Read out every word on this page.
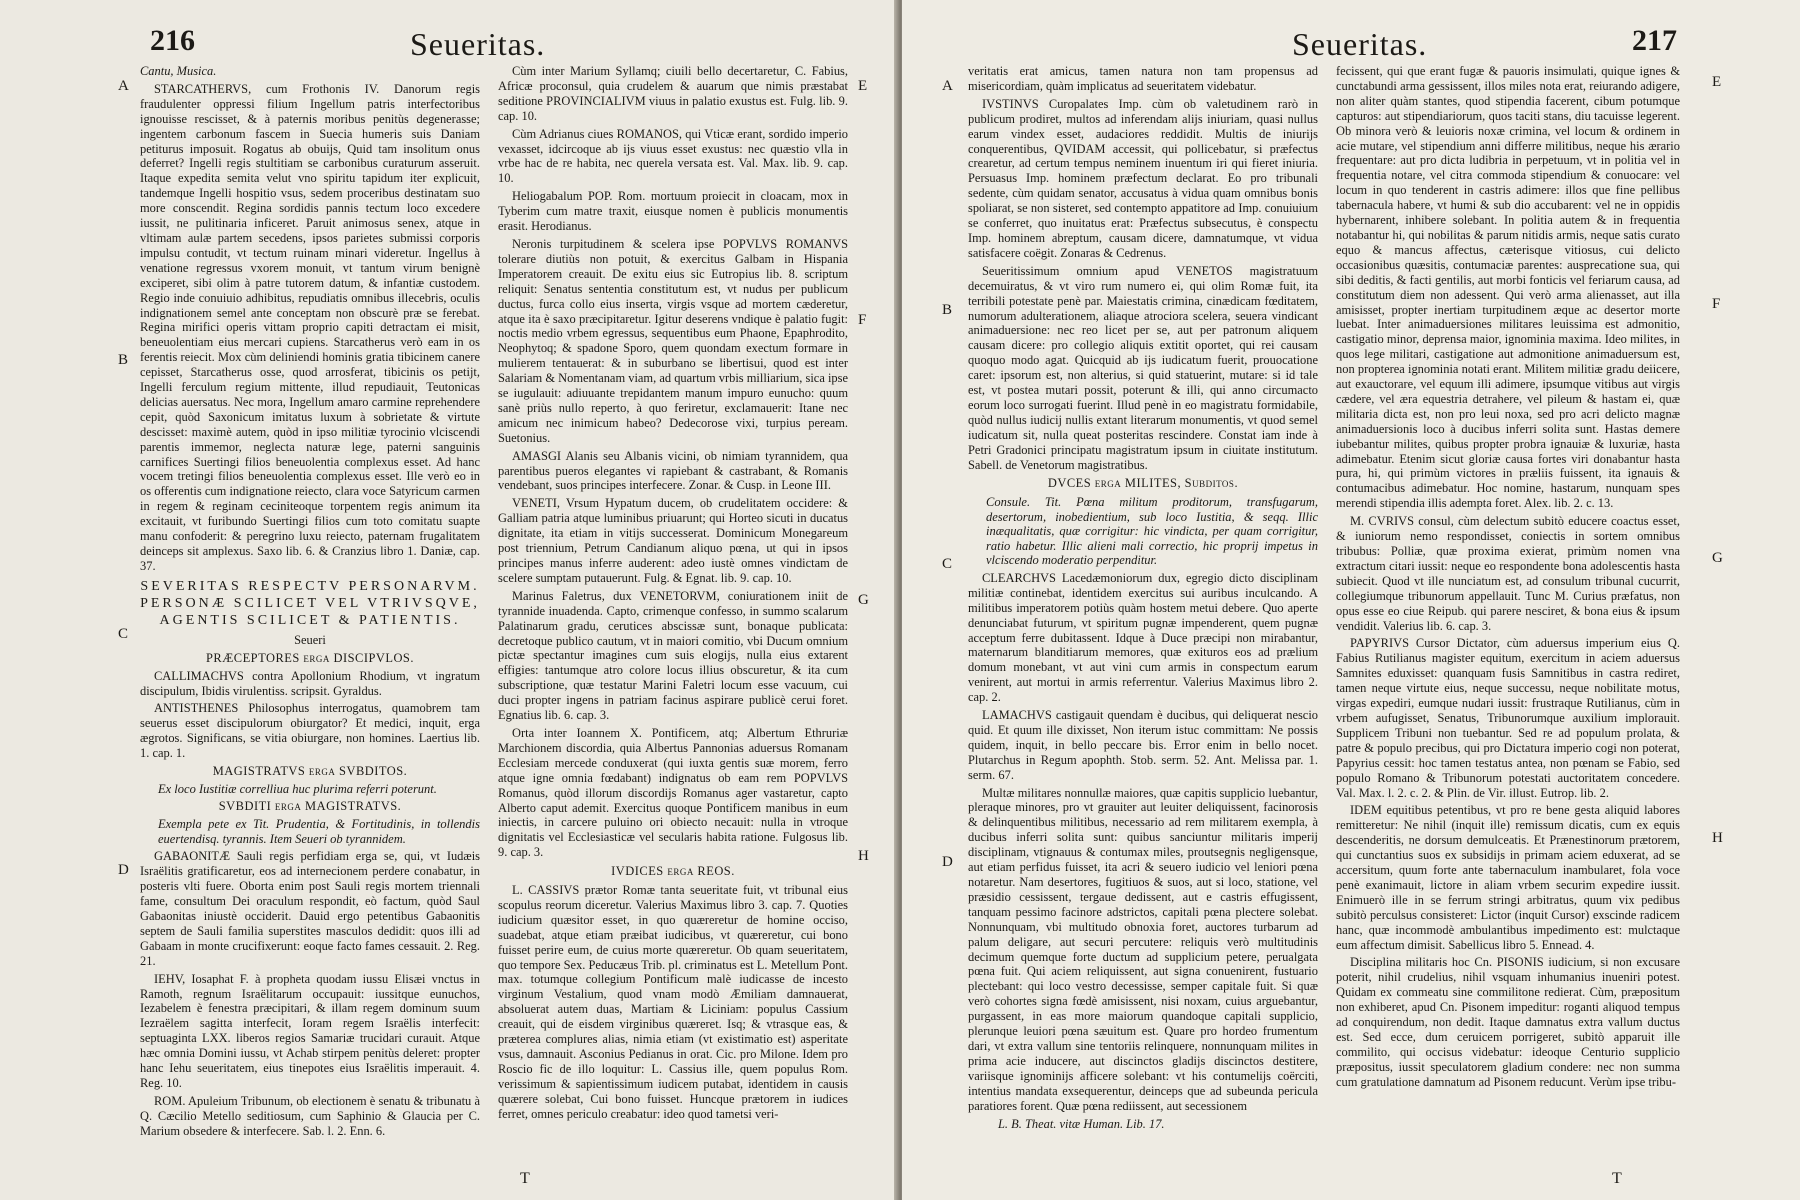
216	Seueritas.
A
B
C
D
E
F
G
H

Cantu, Musica.

STARCATHERVS, cum Frothonis IV. Danorum regis fraudulenter oppressi filium Ingellum patris interfectoribus ignouisse rescisset, & à paternis moribus penitùs degenerasse; ingentem carbonum fascem in Suecia humeris suis Daniam petiturus imposuit. Rogatus ab obuijs, Quid tam insolitum onus deferret? Ingelli regis stultitiam se carbonibus curaturum asseruit. Itaque expedita semita velut vno spiritu tapidum iter explicuit, tandemque Ingelli hospitio vsus, sedem proceribus destinatam suo more conscendit. Regina sordidis pannis tectum loco excedere iussit, ne pulitinaria inficeret. Paruit animosus senex, atque in vltimam aulæ partem secedens, ipsos parietes submissi corporis impulsu contudit, vt tectum ruinam minari videretur. Ingellus à venatione regressus vxorem monuit, vt tantum virum benignè exciperet, sibi olim à patre tutorem datum, & infantiæ custodem. Regio inde conuiuio adhibitus, repudiatis omnibus illecebris, oculis indignationem semel ante conceptam non obscurè præ se ferebat. Regina mirifici operis vittam proprio capiti detractam ei misit, beneuolentiam eius mercari cupiens. Starcatherus verò eam in os ferentis reiecit. Mox cùm deliniendi hominis gratia tibicinem canere cepisset, Starcatherus osse, quod arrosferat, tibicinis os petijt, Ingelli ferculum regium mittente, illud repudiauit, Teutonicas delicias auersatus. Nec mora, Ingellum amaro carmine reprehendere cepit, quòd Saxonicum imitatus luxum à sobrietate & virtute descisset: maximè autem, quòd in ipso militiæ tyrocinio vlciscendi parentis immemor, neglecta naturæ lege, paterni sanguinis carnifices Suertingi filios beneuolentia complexus esset. Ad hanc vocem tretingi filios beneuolentia complexus esset. Ille verò eo in os offerentis cum indignatione reiecto, clara voce Satyricum carmen in regem & reginam ceciniteoque torpentem regis animum ita excitauit, vt furibundo Suertingi filios cum toto comitatu suapte manu confoderit: & peregrino luxu reiecto, paternam frugalitatem deinceps sit amplexus. Saxo lib. 6. & Cranzius libro 1. Daniæ, cap. 37.

SEVERITAS RESPECTV PERSONARVM. PERSONÆ SCILICET VEL VTRIVSQVE, AGENTIS SCILICET & PATIENTIS.

Seueri

PRÆCEPTORES erga DISCIPVLOS.

CALLIMACHVS contra Apollonium Rhodium, vt ingratum discipulum, Ibidis virulentiss. scripsit. Gyraldus.

ANTISTHENES Philosophus interrogatus, quamobrem tam seuerus esset discipulorum obiurgator? Et medici, inquit, erga ægrotos. Significans, se vitia obiurgare, non homines. Laertius lib. 1. cap. 1.

MAGISTRATVS erga SVBDITOS.

Ex loco Iustitiæ correlliua huc plurima referri poterunt.

SVBDITI erga MAGISTRATVS.

Exempla pete ex Tit. Prudentia, & Fortitudinis, in tollendis euertendisq. tyrannis. Item Seueri ob tyrannidem.

GABAONITÆ Sauli regis perfidiam erga se, qui, vt Iudæis Israëlitis gratificaretur, eos ad internecionem perdere conabatur, in posteris vlti fuere. Oborta enim post Sauli regis mortem triennali fame, consultum Dei oraculum respondit, eò factum, quòd Saul Gabaonitas iniustè occiderit. Dauid ergo petentibus Gabaonitis septem de Sauli familia superstites masculos dedidit: quos illi ad Gabaam in monte crucifixerunt: eoque facto fames cessauit. 2. Reg. 21.

IEHV, Iosaphat F. à propheta quodam iussu Elisæi vnctus in Ramoth, regnum Israëlitarum occupauit: iussitque eunuchos, Iezabelem è fenestra præcipitari, & illam regem dominum suum Iezraëlem sagitta interfecit, Ioram regem Israëlis interfecit: septuaginta LXX. liberos regios Samariæ trucidari curauit. Atque hæc omnia Domini iussu, vt Achab stirpem penitùs deleret: propter hanc Iehu seueritatem, eius tinepotes eius Israëlitis imperauit. 4. Reg. 10.

ROM. Apuleium Tribunum, ob electionem è senatu & tribunatu à Q. Cæcilio Metello seditiosum, cum Saphinio & Glaucia per C. Marium obsedere & interfecere. Sab. l. 2. Enn. 6.

Cùm inter Marium Syllamq; ciuili bello decertaretur, C. Fabius, Africæ proconsul, quia crudelem & auarum que nimis præstabat seditione PROVINCIALIVM viuus in palatio exustus est. Fulg. lib. 9. cap. 10.

Cùm Adrianus ciues ROMANOS, qui Vticæ erant, sordido imperio vexasset, idcircoque ab ijs viuus esset exustus: nec quæstio vlla in vrbe hac de re habita, nec querela versata est. Val. Max. lib. 9. cap. 10.

Heliogabalum POP. Rom. mortuum proiecit in cloacam, mox in Tyberim cum matre traxit, eiusque nomen è publicis monumentis erasit. Herodianus.

Neronis turpitudinem & scelera ipse POPVLVS ROMANVS tolerare diutiùs non potuit, & exercitus Galbam in Hispania Imperatorem creauit. De exitu eius sic Eutropius lib. 8. scriptum reliquit: Senatus sententia constitutum est, vt nudus per publicum ductus, furca collo eius inserta, virgis vsque ad mortem cæderetur, atque ita è saxo præcipitaretur. Igitur deserens vndique è palatio fugit: noctis medio vrbem egressus, sequentibus eum Phaone, Epaphrodito, Neophytoq; & spadone Sporo, quem quondam exectum formare in mulierem tentauerat: & in suburbano se libertisui, quod est inter Salariam & Nomentanam viam, ad quartum vrbis milliarium, sica ipse se iugulauit: adiuuante trepidantem manum impuro eunucho: quum sanè priùs nullo reperto, à quo feriretur, exclamauerit: Itane nec amicum nec inimicum habeo? Dedecorose vixi, turpius peream. Suetonius.

AMASGI Alanis seu Albanis vicini, ob nimiam tyrannidem, qua parentibus pueros elegantes vi rapiebant & castrabant, & Romanis vendebant, suos principes interfecere. Zonar. & Cusp. in Leone III.

VENETI, Vrsum Hypatum ducem, ob crudelitatem occidere: & Galliam patria atque luminibus priuarunt; qui Horteo sicuti in ducatus dignitate, ita etiam in vitijs successerat. Dominicum Monegareum post triennium, Petrum Candianum aliquo pœna, ut qui in ipsos principes manus inferre auderent: adeo iustè omnes vindictam de scelere sumptam putauerunt. Fulg. & Egnat. lib. 9. cap. 10.

Marinus Faletrus, dux VENETORVM, coniurationem iniit de tyrannide inuadenda. Capto, crimenque confesso, in summo scalarum Palatinarum gradu, cerutices abscissæ sunt, bonaque publicata: decretoque publico cautum, vt in maiori comitio, vbi Ducum omnium pictæ spectantur imagines cum suis elogijs, nulla eius extarent effigies: tantumque atro colore locus illius obscuretur, & ita cum subscriptione, quæ testatur Marini Faletri locum esse vacuum, cui duci propter ingens in patriam facinus aspirare publicè cerui foret. Egnatius lib. 6. cap. 3.

Orta inter Ioannem X. Pontificem, atq; Albertum Ethruriæ Marchionem discordia, quia Albertus Pannonias aduersus Romanam Ecclesiam mercede conduxerat (qui iuxta gentis suæ morem, ferro atque igne omnia fœdabant) indignatus ob eam rem POPVLVS Romanus, quòd illorum discordijs Romanus ager vastaretur, capto Alberto caput ademit. Exercitus quoque Pontificem manibus in eum iniectis, in carcere puluino ori obiecto necauit: nulla in vtroque dignitatis vel Ecclesiasticæ vel secularis habita ratione. Fulgosus lib. 9. cap. 3.

IVDICES erga REOS.

L. CASSIVS prætor Romæ tanta seueritate fuit, vt tribunal eius scopulus reorum diceretur. Valerius Maximus libro 3. cap. 7. Quoties iudicium quæsitor esset, in quo quæreretur de homine occiso, suadebat, atque etiam præibat iudicibus, vt quæreretur, cui bono fuisset perire eum, de cuius morte quæreretur. Ob quam seueritatem, quo tempore Sex. Peducæus Trib. pl. criminatus est L. Metellum Pont. max. totumque collegium Pontificum malè iudicasse de incesto virginum Vestalium, quod vnam modò Æmiliam damnauerat, absoluerat autem duas, Martiam & Liciniam: populus Cassium creauit, qui de eisdem virginibus quæreret. Isq; & vtrasque eas, & præterea complures alias, nimia etiam (vt existimatio est) asperitate vsus, damnauit. Asconius Pedianus in orat. Cic. pro Milone. Idem pro Roscio fic de illo loquitur: L. Cassius ille, quem populus Rom. verissimum & sapientissimum iudicem putabat, identidem in causis quærere solebat, Cui bono fuisset. Huncque prætorem in iudices ferret, omnes periculo creabatur: ideo quod tametsi veri-

T
Seueritas.	217
A
B
C
D
E
F
G
H

veritatis erat amicus, tamen natura non tam propensus ad misericordiam, quàm implicatus ad seueritatem videbatur.

IVSTINVS Curopalates Imp. cùm ob valetudinem rarò in publicum prodiret, multos ad inferendam alijs iniuriam, quasi nullus earum vindex esset, audaciores reddidit. Multis de iniurijs conquerentibus, QVIDAM accessit, qui pollicebatur, si præfectus crearetur, ad certum tempus neminem inuentum iri qui fieret iniuria. Persuasus Imp. hominem præfectum declarat. Eo pro tribunali sedente, cùm quidam senator, accusatus à vidua quam omnibus bonis spoliarat, se non sisteret, sed contempto appatitore ad Imp. conuiuium se conferret, quo inuitatus erat: Præfectus subsecutus, è conspectu Imp. hominem abreptum, causam dicere, damnatumque, vt vidua satisfacere coëgit. Zonaras & Cedrenus.

Seueritissimum omnium apud VENETOS magistratuum decemuiratus, & vt viro rum numero ei, qui olim Romæ fuit, ita terribili potestate penè par. Maiestatis crimina, cinædicam fœditatem, numorum adulterationem, aliaque atrociora scelera, seuera vindicant animaduersione: nec reo licet per se, aut per patronum aliquem causam dicere: pro collegio aliquis extitit oportet, qui rei causam quoquo modo agat. Quicquid ab ijs iudicatum fuerit, prouocatione caret: ipsorum est, non alterius, si quid statuerint, mutare: si id tale est, vt postea mutari possit, poterunt & illi, qui anno circumacto eorum loco surrogati fuerint. Illud penè in eo magistratu formidabile, quòd nullus iudicij nullis extant literarum monumentis, vt quod semel iudicatum sit, nulla queat posteritas rescindere. Constat iam inde à Petri Gradonici principatu magistratum ipsum in ciuitate institutum. Sabell. de Venetorum magistratibus.

DVCES erga MILITES, Subditos.

Consule. Tit. Pœna militum proditorum, transfugarum, desertorum, inobedientium, sub loco Iustitia, & seqq. Illic inæqualitatis, quæ corrigitur: hic vindicta, per quam corrigitur, ratio habetur. Illic alieni mali correctio, hic proprij impetus in vlciscendo moderatio perpenditur.

CLEARCHVS Lacedæmoniorum dux, egregio dicto disciplinam militiæ continebat, identidem exercitus sui auribus inculcando. A militibus imperatorem potiùs quàm hostem metui debere. Quo aperte denunciabat futurum, vt spiritum pugnæ impenderent, quem pugnæ acceptum ferre dubitassent. Idque à Duce præcipi non mirabantur, maternarum blanditiarum memores, quæ exituros eos ad prælium domum monebant, vt aut vini cum armis in conspectum earum venirent, aut mortui in armis referrentur. Valerius Maximus libro 2. cap. 2.

LAMACHVS castigauit quendam è ducibus, qui deliquerat nescio quid. Et quum ille dixisset, Non iterum istuc committam: Ne possis quidem, inquit, in bello peccare bis. Error enim in bello nocet. Plutarchus in Regum apophth. Stob. serm. 52. Ant. Melissa par. 1. serm. 67.

Multæ militares nonnullæ maiores, quæ capitis supplicio luebantur, pleraque minores, pro vt grauiter aut leuiter deliquissent, facinorosis & delinquentibus militibus, necessario ad rem militarem exempla, à ducibus inferri solita sunt: quibus sanciuntur militaris imperij disciplinam, vtignauus & contumax miles, proutsegnis negligensque, aut etiam perfidus fuisset, ita acri & seuero iudicio vel leniori pœna notaretur. Nam desertores, fugitiuos & suos, aut si loco, statione, vel præsidio cessissent, tergaue dedissent, aut e castris effugissent, tanquam pessimo facinore adstrictos, capitali pœna plectere solebat. Nonnunquam, vbi multitudo obnoxia foret, auctores turbarum ad palum deligare, aut securi percutere: reliquis verò multitudinis decimum quemque forte ductum ad supplicium petere, perualgata pœna fuit. Qui aciem reliquissent, aut signa conuenirent, fustuario plectebant: qui loco vestro decessisse, semper capitale fuit. Si quæ verò cohortes signa fœdè amisissent, nisi noxam, cuius arguebantur, purgassent, in eas more maiorum quandoque capitali supplicio, plerunque leuiori pœna sæuitum est. Quare pro hordeo frumentum dari, vt extra vallum sine tentoriis relinquere, nonnunquam milites in prima acie inducere, aut discinctos gladijs discinctos destitere, variisque ignominijs afficere solebant: vt his contumelijs coërciti, intentius mandata exsequerentur, deinceps que ad subeunda pericula paratiores forent. Quæ pœna rediissent, aut secessionem

L. B. Theat. vitæ Human. Lib. 17.

fecissent, qui que erant fugæ & pauoris insimulati, quique ignes & cunctabundi arma gessissent, illos miles nota erat, reiurando adigere, non aliter quàm stantes, quod stipendia facerent, cibum potumque capturos: aut stipendiariorum, quos taciti stans, diu tacuisse legerent. Ob minora verò & leuioris noxæ crimina, vel locum & ordinem in acie mutare, vel stipendium anni differre militibus, neque his ærario frequentare: aut pro dicta ludibria in perpetuum, vt in politia vel in frequentia notare, vel citra commoda stipendium & conuocare: vel locum in quo tenderent in castris adimere: illos que fine pellibus tabernacula habere, vt humi & sub dio accubarent: vel ne in oppidis hybernarent, inhibere solebant. In politia autem & in frequentia notabantur hi, qui nobilitas & parum nitidis armis, neque satis curato equo & mancus affectus, cæterisque vitiosus, cui delicto occasionibus quæsitis, contumaciæ parentes: ausprecatione sua, qui sibi deditis, & facti gentilis, aut morbi fonticis vel feriarum causa, ad constitutum diem non adessent. Qui verò arma alienasset, aut illa amisisset, propter inertiam turpitudinem æque ac desertor morte luebat. Inter animaduersiones militares leuissima est admonitio, castigatio minor, deprensa maior, ignominia maxima. Ideo milites, in quos lege militari, castigatione aut admonitione animaduersum est, non propterea ignominia notati erant. Militem militiæ gradu deiicere, aut exauctorare, vel equum illi adimere, ipsumque vitibus aut virgis cædere, vel æra equestria detrahere, vel pileum & hastam ei, quæ militaria dicta est, non pro leui noxa, sed pro acri delicto magnæ animaduersionis loco à ducibus inferri solita sunt. Hastas demere iubebantur milites, quibus propter probra ignauiæ & luxuriæ, hasta adimebatur. Etenim sicut gloriæ causa fortes viri donabantur hasta pura, hi, qui primùm victores in præliis fuissent, ita ignauis & contumacibus adimebatur. Hoc nomine, hastarum, nunquam spes merendi stipendia illis adempta foret. Alex. lib. 2. c. 13.

M. CVRIVS consul, cùm delectum subitò educere coactus esset, & iuniorum nemo respondisset, coniectis in sortem omnibus tribubus: Polliæ, quæ proxima exierat, primùm nomen vna extractum citari iussit: neque eo respondente bona adolescentis hasta subiecit. Quod vt ille nunciatum est, ad consulum tribunal cucurrit, collegiumque tribunorum appellauit. Tunc M. Curius præfatus, non opus esse eo ciue Reipub. qui parere nesciret, & bona eius & ipsum vendidit. Valerius lib. 6. cap. 3.

PAPYRIVS Cursor Dictator, cùm aduersus imperium eius Q. Fabius Rutilianus magister equitum, exercitum in aciem aduersus Samnites eduxisset: quanquam fusis Samnitibus in castra rediret, tamen neque virtute eius, neque successu, neque nobilitate motus, virgas expediri, eumque nudari iussit: frustraque Rutilianus, cùm in vrbem aufugisset, Senatus, Tribunorumque auxilium implorauit. Supplicem Tribuni non tuebantur. Sed re ad populum prolata, & patre & populo precibus, qui pro Dictatura imperio cogi non poterat, Papyrius cessit: hoc tamen testatus antea, non pœnam se Fabio, sed populo Romano & Tribunorum potestati auctoritatem concedere. Val. Max. l. 2. c. 2. & Plin. de Vir. illust. Eutrop. lib. 2.

IDEM equitibus petentibus, vt pro re bene gesta aliquid labores remitteretur: Ne nihil (inquit ille) remissum dicatis, cum ex equis descenderitis, ne dorsum demulceatis. Et Prænestinorum prætorem, qui cunctantius suos ex subsidijs in primam aciem eduxerat, ad se accersitum, quum forte ante tabernaculum inambularet, fola voce penè exanimauit, lictore in aliam vrbem securim expedire iussit. Enimuerò ille in se ferrum stringi arbitratus, quum vix pedibus subitò perculsus consisteret: Lictor (inquit Cursor) exscinde radicem hanc, quæ incommodè ambulantibus impedimento est: mulctaque eum affectum dimisit. Sabellicus libro 5. Ennead. 4.

Disciplina militaris hoc Cn. PISONIS iudicium, si non excusare poterit, nihil crudelius, nihil vsquam inhumanius inueniri potest. Quidam ex commeatu sine commilitone redierat. Cùm, præpositum non exhiberet, apud Cn. Pisonem impeditur: roganti aliquod tempus ad conquirendum, non dedit. Itaque damnatus extra vallum ductus est. Sed ecce, dum ceruicem porrigeret, subitò apparuit ille commilito, qui occisus videbatur: ideoque Centurio supplicio præpositus, iussit speculatorem gladium condere: nec non summa cum gratulatione damnatum ad Pisonem reducunt. Verùm ipse tribu-

T
